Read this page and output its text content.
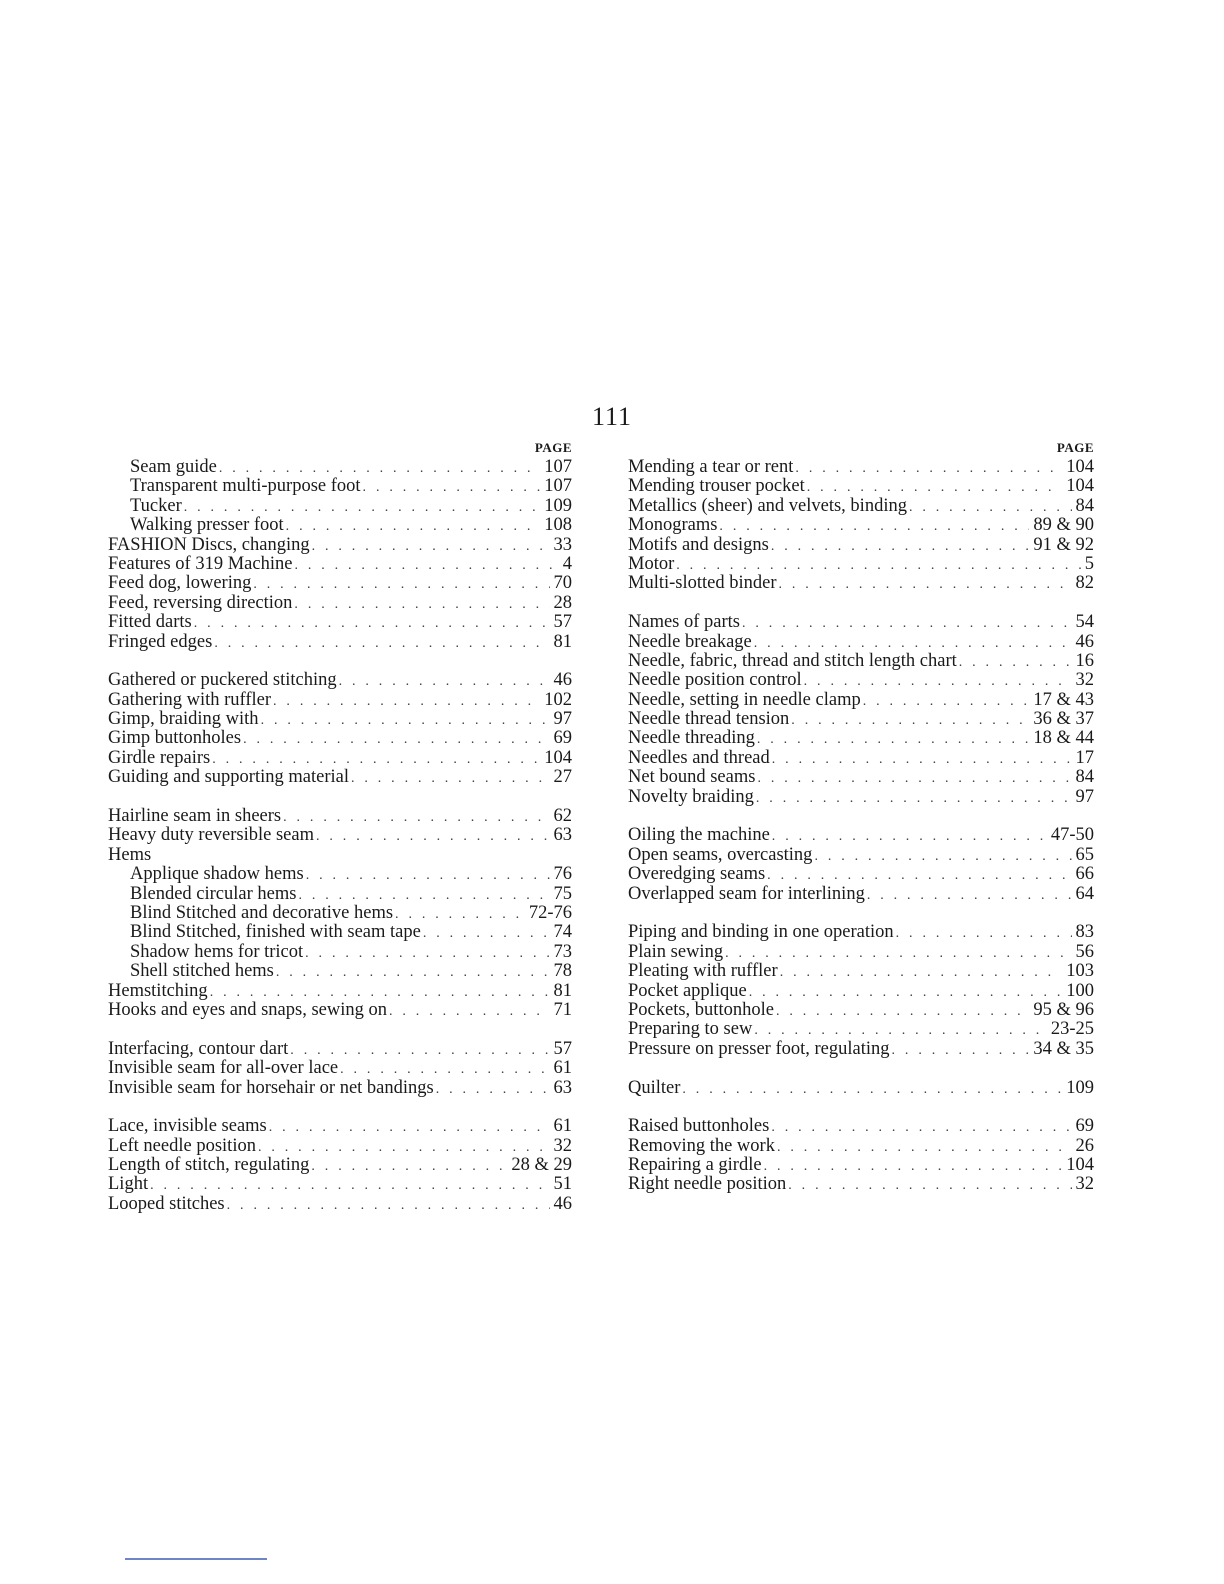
111
PAGE
Seam guide . . .	107
Transparent multi-purpose foot . . .	107
Tucker . . .	109
Walking presser foot . . .	108
FASHION Discs, changing . . .	33
Features of 319 Machine . . .	4
Feed dog, lowering . . .	70
Feed, reversing direction . . .	28
Fitted darts . . .	57
Fringed edges . . .	81
Gathered or puckered stitching . . .	46
Gathering with ruffler . . .	102
Gimp, braiding with . . .	97
Gimp buttonholes . . .	69
Girdle repairs . . .	104
Guiding and supporting material . . .	27
Hairline seam in sheers . . .	62
Heavy duty reversible seam . . .	63
Hems
Applique shadow hems . . .	76
Blended circular hems . . .	75
Blind Stitched and decorative hems . . .	72-76
Blind Stitched, finished with seam tape . . .	74
Shadow hems for tricot . . .	73
Shell stitched hems . . .	78
Hemstitching . . .	81
Hooks and eyes and snaps, sewing on . . .	71
Interfacing, contour dart . . .	57
Invisible seam for all-over lace . . .	61
Invisible seam for horsehair or net bandings . . .	63
Lace, invisible seams . . .	61
Left needle position . . .	32
Length of stitch, regulating . . .	28 & 29
Light . . .	51
Looped stitches . . .	46
PAGE
Mending a tear or rent . . .	104
Mending trouser pocket . . .	104
Metallics (sheer) and velvets, binding . . .	84
Monograms . . .	89 & 90
Motifs and designs . . .	91 & 92
Motor . . .	5
Multi-slotted binder . . .	82
Names of parts . . .	54
Needle breakage . . .	46
Needle, fabric, thread and stitch length chart . . .	16
Needle position control . . .	32
Needle, setting in needle clamp . . .	17 & 43
Needle thread tension . . .	36 & 37
Needle threading . . .	18 & 44
Needles and thread . . .	17
Net bound seams . . .	84
Novelty braiding . . .	97
Oiling the machine . . .	47-50
Open seams, overcasting . . .	65
Overedging seams . . .	66
Overlapped seam for interlining . . .	64
Piping and binding in one operation . . .	83
Plain sewing . . .	56
Pleating with ruffler . . .	103
Pocket applique . . .	100
Pockets, buttonhole . . .	95 & 96
Preparing to sew . . .	23-25
Pressure on presser foot, regulating . . .	34 & 35
Quilter . . .	109
Raised buttonholes . . .	69
Removing the work . . .	26
Repairing a girdle . . .	104
Right needle position . . .	32
